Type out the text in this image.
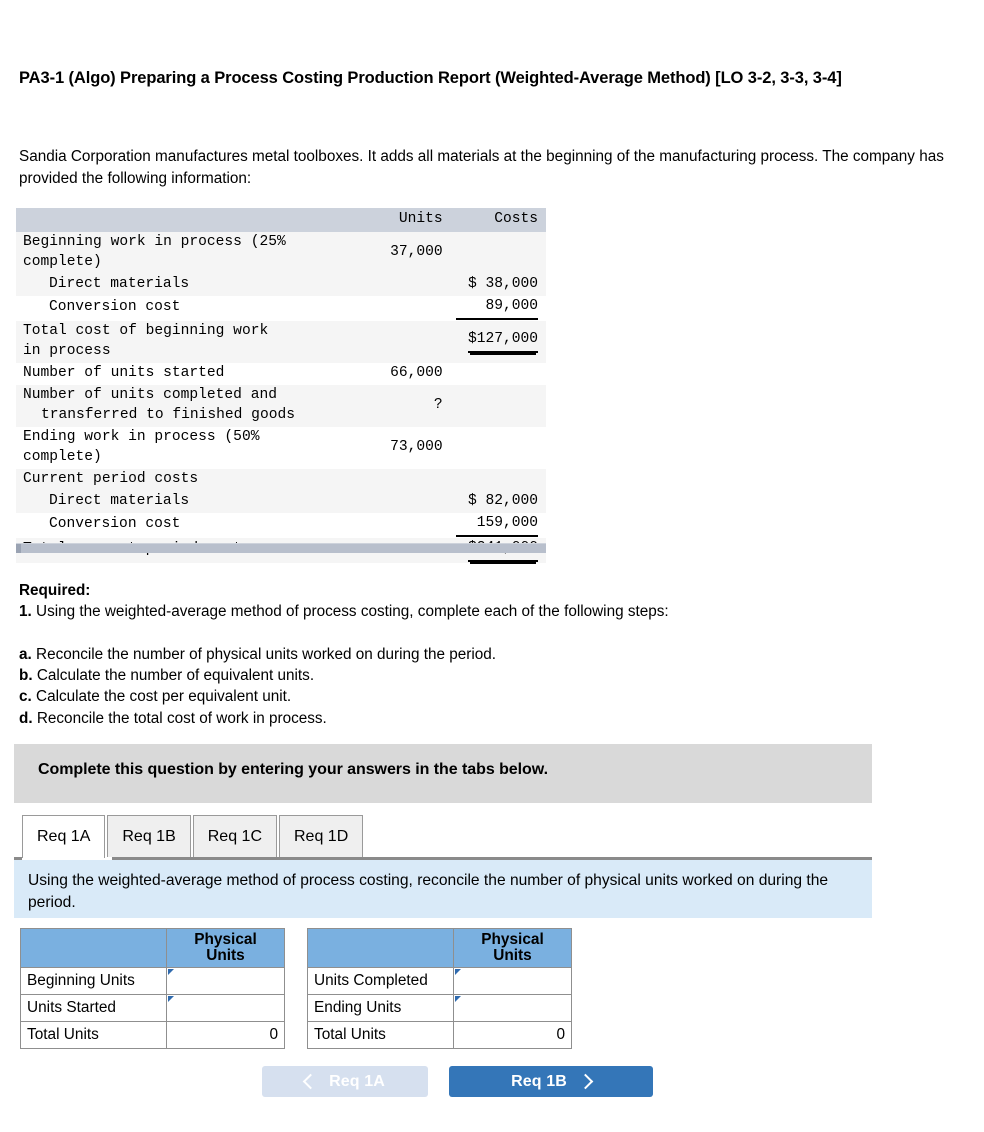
PA3-1 (Algo) Preparing a Process Costing Production Report (Weighted-Average Method) [LO 3-2, 3-3, 3-4]
Sandia Corporation manufactures metal toolboxes. It adds all materials at the beginning of the manufacturing process. The company has provided the following information:
	Units	Costs
Beginning work in process (25%
complete)	37,000	
Direct materials		$ 38,000
Conversion cost		89,000
Total cost of beginning work
in process		$127,000
Number of units started	66,000	
Number of units completed and
transferred to finished goods	?	
Ending work in process (50%
complete)	73,000	
Current period costs		
Direct materials		$ 82,000
Conversion cost		159,000

Required:
1. Using the weighted-average method of process costing, complete each of the following steps:
a. Reconcile the number of physical units worked on during the period.
b. Calculate the number of equivalent units.
c. Calculate the cost per equivalent unit.
d. Reconcile the total cost of work in process.
Complete this question by entering your answers in the tabs below.
Req 1A	Req 1B	Req 1C	Req 1D
Using the weighted-average method of process costing, reconcile the number of physical units worked on during the period.
	Physical
Units
Beginning Units	

Units Started	

Total Units	0
	Physical
Units
Units Completed	

Ending Units	

Total Units	0
Req 1A	Req 1B
